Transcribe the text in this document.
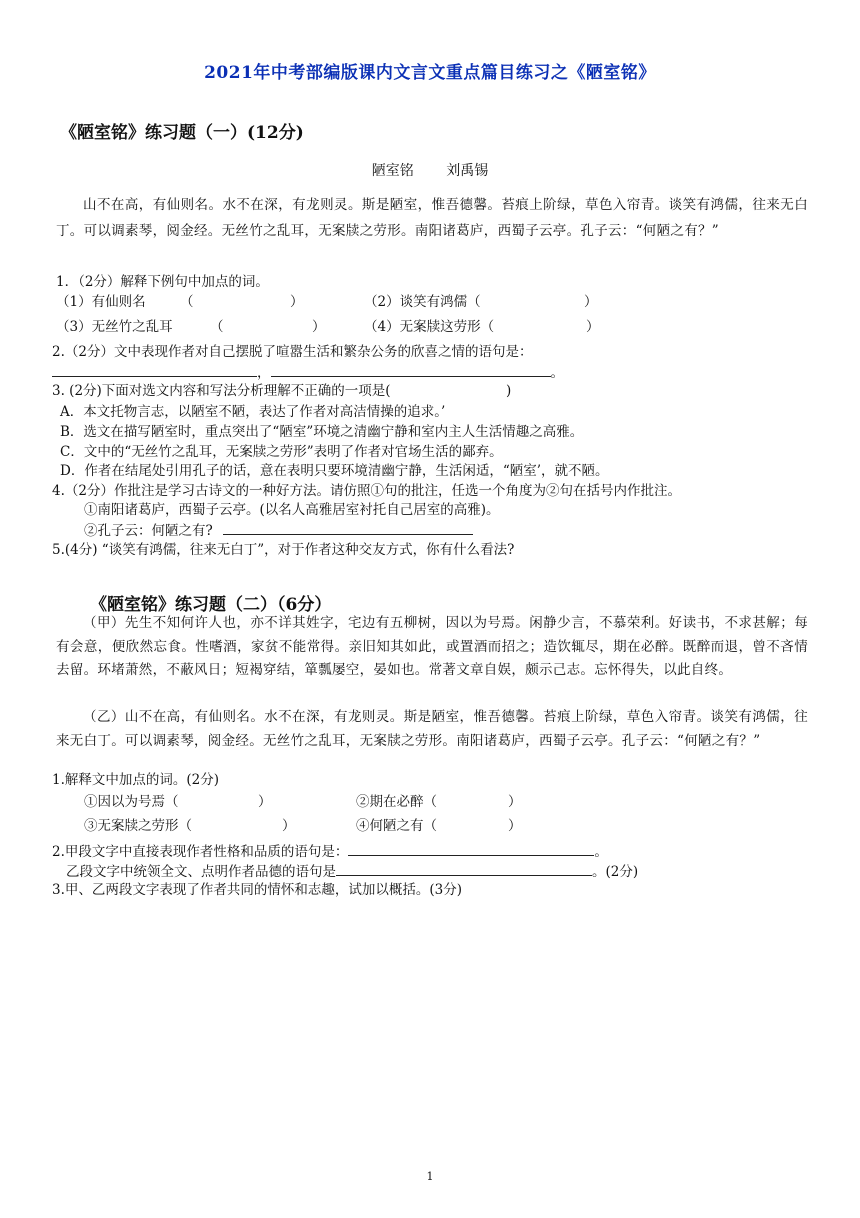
2021年中考部编版课内文言文重点篇目练习之《陋室铭》
《陋室铭》练习题（一）(12分)
陋室铭 刘禹锡
山不在高，有仙则名。水不在深，有龙则灵。斯是陋室，惟吾德馨。苔痕上阶绿，草色入帘青。谈笑有鸿儒，往来无白丁。可以调素琴，阅金经。无丝竹之乱耳，无案牍之劳形。南阳诸葛庐，西蜀子云亭。孔子云：“何陋之有？”
1．（2分）解释下例句中加点的词。
（1）有仙则名	（	）	（2）谈笑有鸿儒（	）
（3）无丝竹之乱耳	（	）	（4）无案牍这劳形（	）
2.（2分）文中表现作者对自己摆脱了喧嚣生活和繁杂公务的欣喜之情的语句是：
，	。
3. (2分)下面对选文内容和写法分析理解不正确的一项是(	)
A．本文托物言志，以陋室不陋，表达了作者对高洁情操的追求。’
B．选文在描写陋室时，重点突出了“陋室”环境之清幽宁静和室内主人生活情趣之高雅。
C．文中的“无丝竹之乱耳，无案牍之劳形”表明了作者对官场生活的鄙弃。
D．作者在结尾处引用孔子的话，意在表明只要环境清幽宁静，生活闲适，“陋室’，就不陋。
4.（2分）作批注是学习古诗文的一种好方法。请仿照①句的批注，任选一个角度为②句在括号内作批注。
①南阳诸葛庐，西蜀子云亭。(以名人高雅居室衬托自己居室的高雅)。
②孔子云：何陋之有?
5.(4分) “谈笑有鸿儒，往来无白丁”，对于作者这种交友方式，你有什么看法?
《陋室铭》练习题（二）（6分）
（甲）先生不知何许人也，亦不详其姓字，宅边有五柳树，因以为号焉。闲静少言，不慕荣利。好读书，不求甚解；每有会意，便欣然忘食。性嗜酒，家贫不能常得。亲旧知其如此，或置酒而招之；造饮辄尽，期在必醉。既醉而退，曾不吝情去留。环堵萧然，不蔽风日；短褐穿结，箪瓢屡空，晏如也。常著文章自娱，颇示己志。忘怀得失，以此自终。
（乙）山不在高，有仙则名。水不在深，有龙则灵。斯是陋室，惟吾德馨。苔痕上阶绿，草色入帘青。谈笑有鸿儒，往来无白丁。可以调素琴，阅金经。无丝竹之乱耳，无案牍之劳形。南阳诸葛庐，西蜀子云亭。孔子云：“何陋之有？”
1.解释文中加点的词。(2分)
①因以为号焉（	）	②期在必醉（	）
③无案牍之劳形（	）	④何陋之有（	）
2.甲段文字中直接表现作者性格和品质的语句是：	。
乙段文字中统领全文、点明作者品德的语句是	。(2分)
3.甲、乙两段文字表现了作者共同的情怀和志趣，试加以概括。(3分)
1
